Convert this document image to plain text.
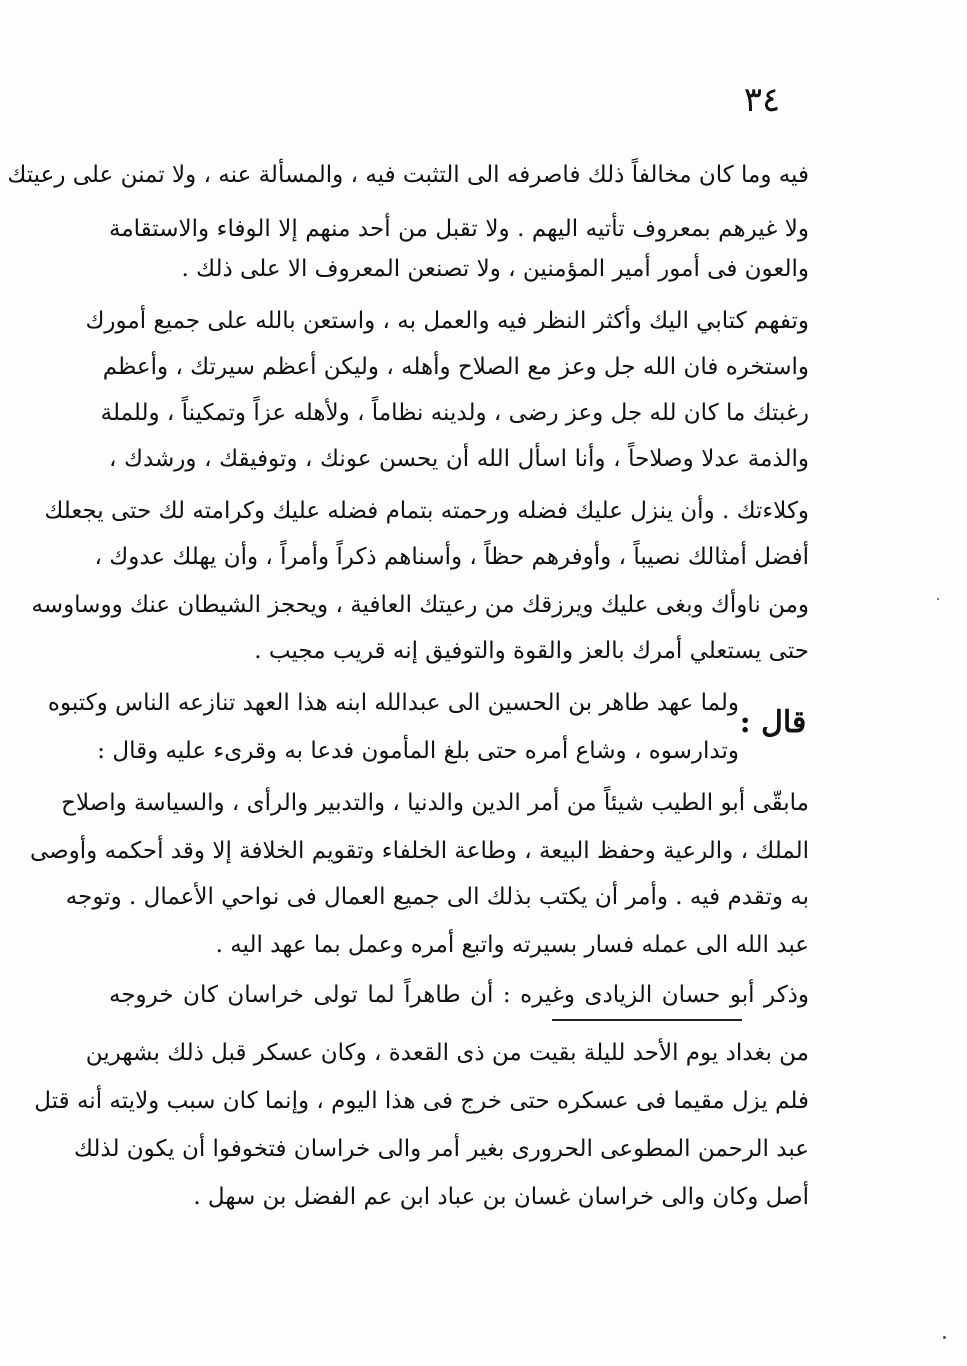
٣٤
فيه وما كان مخالفاً ذلك فاصرفه الى التثبت فيه ، والمسألة عنه ، ولا تمنن على رعيتك
ولا غيرهم بمعروف تأتيه اليهم . ولا تقبل من أحد منهم إلا الوفاء والاستقامة
والعون فى أمور أمير المؤمنين ، ولا تصنعن المعروف الا على ذلك .
وتفهم كتابي اليك وأكثر النظر فيه والعمل به ، واستعن بالله على جميع أمورك
واستخره فان الله جل وعز مع الصلاح وأهله ، وليكن أعظم سيرتك ، وأعظم
رغبتك ما كان لله جل وعز رضى ، ولدينه نظاماً ، ولأهله عزاً وتمكيناً ، وللملة
والذمة عدلا وصلاحاً ، وأنا اسأل الله أن يحسن عونك ، وتوفيقك ، ورشدك ،
وكلاءتك . وأن ينزل عليك فضله ورحمته بتمام فضله عليك وكرامته لك حتى يجعلك
أفضل أمثالك نصيباً ، وأوفرهم حظاً ، وأسناهم ذكراً وأمراً ، وأن يهلك عدوك ،
ومن ناوأك وبغى عليك ويرزقك من رعيتك العافية ، ويحجز الشيطان عنك ووساوسه
حتى يستعلي أمرك بالعز والقوة والتوفيق إنه قريب مجيب .
قال :
ولما عهد طاهر بن الحسين الى عبدالله ابنه هذا العهد تنازعه الناس وكتبوه
وتدارسوه ، وشاع أمره حتى بلغ المأمون فدعا به وقرىء عليه وقال :
مابقّى أبو الطيب شيئاً من أمر الدين والدنيا ، والتدبير والرأى ، والسياسة واصلاح
الملك ، والرعية وحفظ البيعة ، وطاعة الخلفاء وتقويم الخلافة إلا وقد أحكمه وأوصى
به وتقدم فيه . وأمر أن يكتب بذلك الى جميع العمال فى نواحي الأعمال . وتوجه
عبد الله الى عمله فسار بسيرته واتبع أمره وعمل بما عهد اليه .
وذكر أبو حسان الزيادى وغيره : أن طاهراً لما تولى خراسان كان خروجه
من بغداد يوم الأحد لليلة بقيت من ذى القعدة ، وكان عسكر قبل ذلك بشهرين
فلم يزل مقيما فى عسكره حتى خرج فى هذا اليوم ، وإنما كان سبب ولايته أنه قتل
عبد الرحمن المطوعى الحرورى بغير أمر والى خراسان فتخوفوا أن يكون لذلك
أصل وكان والى خراسان غسان بن عباد ابن عم الفضل بن سهل .
